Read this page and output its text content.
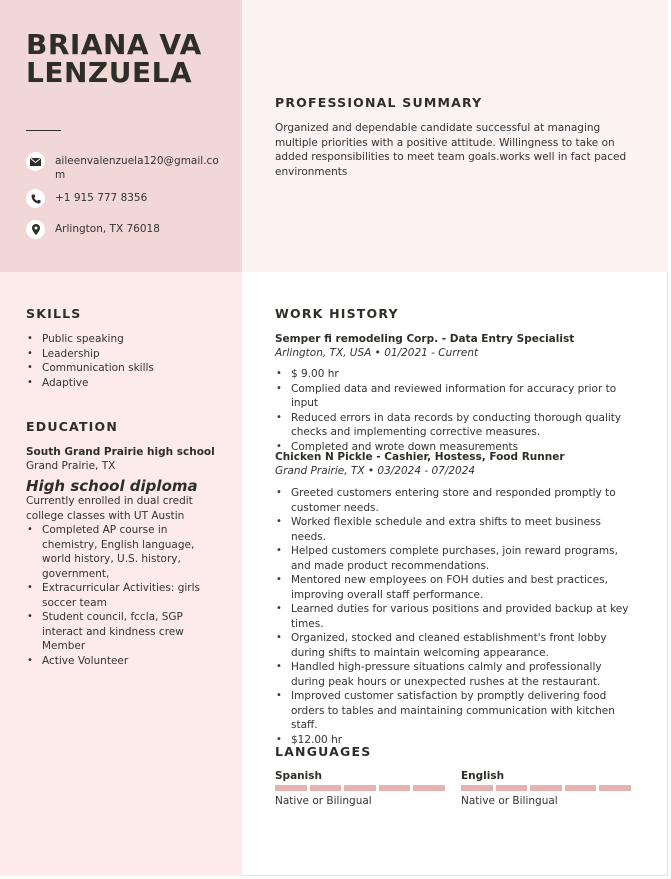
BRIANA VALENZUELA
aileenvalenzuela120@gmail.com
+1 915 777 8356
Arlington, TX 76018
PROFESSIONAL SUMMARY
Organized and dependable candidate successful at managing multiple priorities with a positive attitude. Willingness to take on added responsibilities to meet team goals.works well in fact paced environments
SKILLS
• Public speaking
• Leadership
• Communication skills
• Adaptive
EDUCATION
South Grand Prairie high school
Grand Prairie, TX
High school diploma
Currently enrolled in dual credit college classes with UT Austin
• Completed AP course in chemistry, English language, world history, U.S. history, government,
• Extracurricular Activities: girls soccer team
• Student council, fccla, SGP interact and kindness crew Member
• Active Volunteer
WORK HISTORY
Semper fi remodeling Corp. - Data Entry Specialist
Arlington, TX, USA • 01/2021 - Current
• $ 9.00 hr
• Complied data and reviewed information for accuracy prior to input
• Reduced errors in data records by conducting thorough quality checks and implementing corrective measures.
• Completed and wrote down measurements
Chicken N Pickle - Cashier, Hostess, Food Runner
Grand Prairie, TX • 03/2024 - 07/2024
• Greeted customers entering store and responded promptly to customer needs.
• Worked flexible schedule and extra shifts to meet business needs.
• Helped customers complete purchases, join reward programs, and made product recommendations.
• Mentored new employees on FOH duties and best practices, improving overall staff performance.
• Learned duties for various positions and provided backup at key times.
• Organized, stocked and cleaned establishment's front lobby during shifts to maintain welcoming appearance.
• Handled high-pressure situations calmly and professionally during peak hours or unexpected rushes at the restaurant.
• Improved customer satisfaction by promptly delivering food orders to tables and maintaining communication with kitchen staff.
• $12.00 hr
LANGUAGES
Spanish
Native or Bilingual
English
Native or Bilingual
